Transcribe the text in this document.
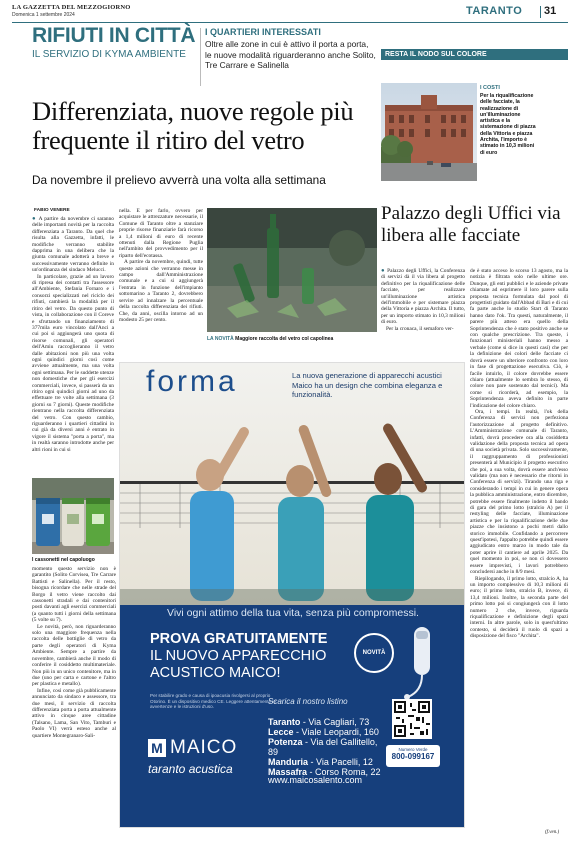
LA GAZZETTA DEL MEZZOGIORNO
Domenica 1 settembre 2024	TARANTO 31
RIFIUTI IN CITTÀ
IL SERVIZIO DI KYMA AMBIENTE
I QUARTIERI INTERESSATI
Oltre alle zone in cui è attivo il porta a porta, le nuove modalità riguarderanno anche Solito, Tre Carrare e Salinella
RESTA IL NODO SUL COLORE
Differenziata, nuove regole più frequente il ritiro del vetro
Da novembre il prelievo avverrà una volta alla settimana
I COSTI
Per la riqualificazione delle facciate, la realizzazione di un'illuminazione artistica e la sistemazione di piazza della Vittoria e piazza Archita, l'importo è stimato in 10,3 milioni di euro
Palazzo degli Uffici via libera alle facciate
FABIO VENERE

● A partire da novembre ci saranno delle importanti novità per la raccolta differenziata a Taranto. Da quel che risulta alla Gazzetta, infatti, le modifiche verranno stabilite dapprima in una delibera che la giunta comunale adotterà a breve e successivamente verranno definite in un'ordinanza del sindaco Melucci.

In particolare, grazie ad un lavoro di ripresa dei contatti tra l'assessore all'Ambiente, Stefania Fornaro e i consorzi specializzati nel riciclo dei rifiuti, cambierà la modalità per il ritiro del vetro. Da questo punto di vista, in collaborazione con il Coreve e sfruttando un finanziamento di 377mila euro vincolato dall'Anci a cui poi si aggiungerà uno quota di risorse comunali, gli operatori dell'Amiu raccoglieranno il vetro dalle abitazioni non più una volta ogni quindici giorni così come avviene attualmente, ma una volta ogni settimana. Per le suddette utenze non domestiche che per gli esercizi commerciali, invece, si passerà da un ritiro ogni quindici giorni ad uno da effettuare tre volte alla settimana (3 giorni su 7 giorni). Queste modifiche rientrano nella raccolta differenziata del vetro. Con questo cambio, riguarderanno i quartieri cittadini in cui già da diversi anni è entrato in vigore il sistema "porta a porta", ma in realtà saranno introdotte anche per altri rioni in cui si

nella. E per farlo, ovvero per acquistare le attrezzature necessarie, il Comune di Taranto oltre a stanziare proprie risorse finanziarie farà ricorso a 1,4 milioni di euro di recente ottenuti dalla Regione Puglia nell'ambito del provvedimento per il riparto dell'ecotassa.

A partire da novembre, quindi, tutte queste azioni che verranno messe in campo dall'Amministrazione comunale e a cui si aggiungerà l'entrata in funzione dell'impianto sottomarino a Taranto 2, dovrebbero servire ad innalzare la percentuale della raccolta differenziata dei rifiuti. Che, da anni, oscilla intorno ad un modesto 25 per cento.

LA NOVITÀ Maggiore raccolta del vetro col capolinea

● Palazzo degli Uffici, la Conferenza di servizi dà il via libera al progetto definitivo per la riqualificazione delle facciate, per realizzare un'illuminazione artistica dell'immobile e per sistemare piazza della Vittoria e piazza Archita. Il tutto, per un importo stimato in 10,3 milioni di euro.

Per la cronaca, il semaforo ver-

de è stato acceso lo scorso 13 agosto, ma la notizia è filtrata solo nelle ultime ore. Dunque, gli enti pubblici e le aziende private chiamate ad esprimere il loro parere sulla proposta tecnica formulata dal pool di progettisti guidato dall'Abbad di Bari e di cui fa parte anche lo studio Start di Taranto hanno dato l'ok. Tra questi, naturalmente, il parere più atteso era quello della Soprintendenza che è stato positivo anche se con qualche prescrizione. Tra queste, i funzionari ministeriali hanno messo a verbale (come si dice in questi casi) che per la definizione dei colori delle facciate ci dovrà essere un ulteriore confronto con loro in fase di progettazione esecutiva. Ciò, è facile intuirlo, il colore dovrebbe essere chiaro (attualmente lo sembra lo stesso, di colore non pare sostenuto dal tecnici). Ma come si ricorderà, ad esempio, la Soprintendenza aveva definito in parte l'indicazione del colore chiaro.

Ora, i tempi. In realtà, l'ok della Conferenza di servizi non perfeziona l'autorizzazione al progetto definitivo. L'Amministrazione comunale di Taranto, infatti, dovrà procedere ora alla cosiddetta validazione della proposta tecnica ad opera di una società privata. Solo successivamente, il raggruppamento di professionisti presenterà al Municipio il progetto esecutivo che poi, a sua volta, dovrà essere anch'esso validato (ma non è necessario che ritorni in Conferenza di servizi). Tirando una riga e considerando i tempi in cui in genere opera la pubblica amministrazione, entro dicembre, potrebbe essere finalmente indetto il bando di gara del primo lotto (stralcio A) per il restyling delle facciate, illuminazione artistica e per la riqualificazione delle due piazze che insistono a pochi metri dallo storico immobile. Confidando a percorrere quest'ipotesi, l'appalto potrebbe quindi essere aggiudicato entro marzo in modo tale da poter aprire il cantiere ad aprile 2025. Da quel momento in poi, se non ci dovessero essere imprevisti, i lavori potrebbero concludersi anche in 8/9 mesi.

Riepilogando, il primo lotto, stralcio A, ha un importo complessivo di 10,3 milioni di euro; il primo lotto, stralcio B, invece, di 13,4 milioni. Inoltre, la seconda parte del primo lotto poi si congiungerà con il lotto numero 2 che, invece, riguarda riqualificazione e definizione degli spazi interni. In altre parole, solo in quest'ultimo contesto, si deciderà il ruolo di spazi a disposizione del fisco "Archita".

(f.ven.)
I cassonetti nel capoluogo

momento questo servizio non è garantito (Solito Corvisea, Tre Carrare Battisti e Salinella). Per il resto, bisogna ricordare che nelle strade del Borgo il vetro viene raccolto dai cassonetti stradali e dai contenitori posti davanti agli esercizi commerciali (a quanto tutti i giorni della settimana (5 volte su 7).

Le novità, però, non riguarderanno solo una maggiore frequenza nella raccolta delle bottiglie di vetro da parte degli operatori di Kyma Ambiente. Sempre a partire da novembre, cambierà anche il modo di conferire il cosiddetto multimateriale. Non più in un unico contenitore, ma in due (uno per carta e cartone e l'altro per plastica e metallo).

Infine, così come già pubblicamente annunciato da sindaco e assessore, tra due mesi, il servizio di raccolta differenziata porta a porta attualmente attivo in cinque aree cittadine (Talsano, Lama, San Vito, Tamburi e Paolo VI) verrà esteso anche al quartiere Montegranaro-Sali-

forma	La nuova generazione di apparecchi acustici Maico ha un design che combina eleganza e funzionalità.
Vivi ogni attimo della tua vita, senza più compromessi.
PROVA GRATUITAMENTE
IL NUOVO APPARECCHIO
ACUSTICO MAICO!
NOVITÀ
Per stabilire grado e causa di ipoacusia rivolgersi al proprio Otorino. È un dispositivo medico CE. Leggere attentamente le avvertenze e le istruzioni d'uso.
M MAICO
taranto acustica
Scarica il nostro listino
Taranto - Via Cagliari, 73
Lecce - Viale Leopardi, 160
Potenza - Via del Gallitello, 89
Manduria - Via Pacelli, 12
Massafra - Corso Roma, 22
www.maicosalento.com
Numero Verde
800-099167
